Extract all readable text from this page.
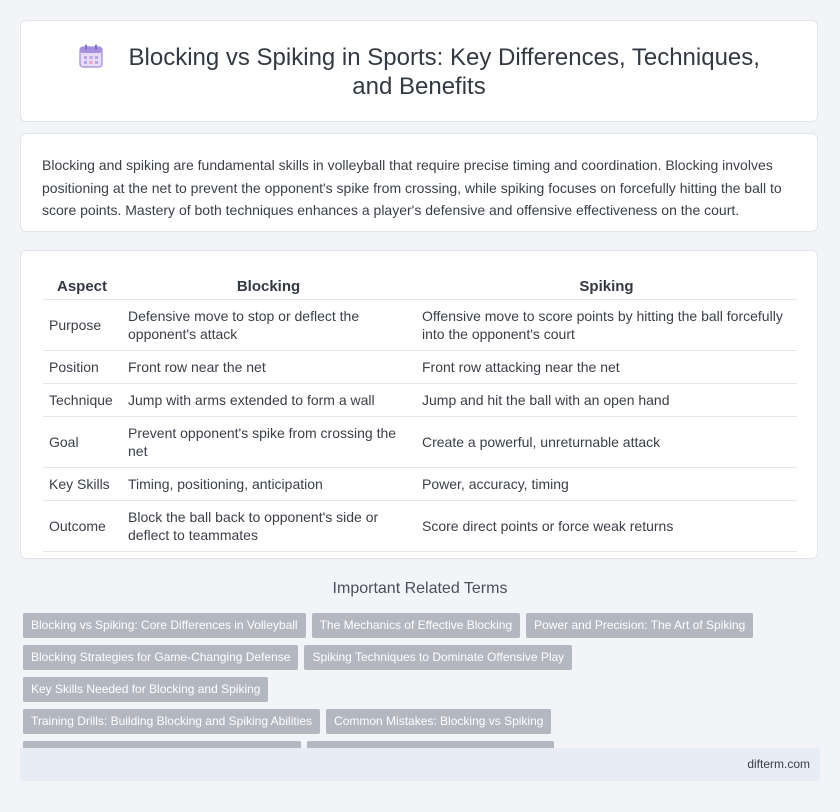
Blocking vs Spiking in Sports: Key Differences, Techniques, and Benefits

Blocking and spiking are fundamental skills in volleyball that require precise timing and coordination. Blocking involves positioning at the net to prevent the opponent's spike from crossing, while spiking focuses on forcefully hitting the ball to score points. Mastery of both techniques enhances a player's defensive and offensive effectiveness on the court.

Aspect	Blocking	Spiking
Purpose	Defensive move to stop or deflect the opponent's attack	Offensive move to score points by hitting the ball forcefully into the opponent's court
Position	Front row near the net	Front row attacking near the net
Technique	Jump with arms extended to form a wall	Jump and hit the ball with an open hand
Goal	Prevent opponent's spike from crossing the net	Create a powerful, unreturnable attack
Key Skills	Timing, positioning, anticipation	Power, accuracy, timing
Outcome	Block the ball back to opponent's side or deflect to teammates	Score direct points or force weak returns
Important Related Terms
Blocking vs Spiking: Core Differences in Volleyball The Mechanics of Effective Blocking Power and Precision: The Art of Spiking
Blocking Strategies for Game-Changing Defense Spiking Techniques to Dominate Offensive PlayKey Skills Needed for Blocking and Spiking
Training Drills: Building Blocking and Spiking Abilities Common Mistakes: Blocking vs Spiking

difterm.com
